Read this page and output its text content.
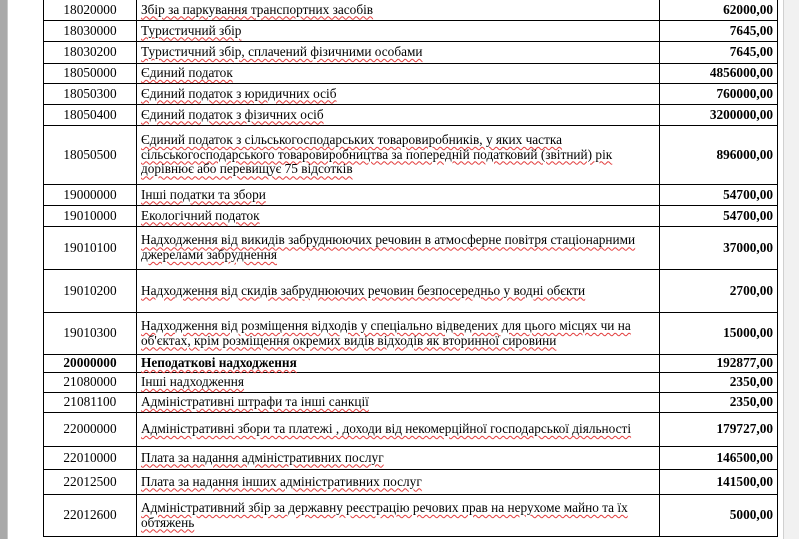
18020000	Збір за паркування транспортних засобів	62000,00
18030000	Туристичний збір	7645,00
18030200	Туристичний збір, сплачений фізичними особами	7645,00
18050000	Єдиний податок	4856000,00
18050300	Єдиний податок з юридичних осіб	760000,00
18050400	Єдиний податок з фізичних осіб	3200000,00
18050500	Єдиний податок з сільськогосподарських товаровиробників, у яких частка сільськогосподарського товаровиробництва за попередній податковий (звітний) рік дорівнює або перевищує 75 відсотків	896000,00
19000000	Інші податки та збори	54700,00
19010000	Екологічний податок	54700,00
19010100	Надходження від викидів забруднюючих речовин в атмосферне повітря стаціонарними джерелами забруднення	37000,00
19010200	Надходження від скидів забруднюючих речовин безпосередньо у водні обєкти	2700,00
19010300	Надходження від розміщення відходів у спеціально відведених для цього місцях чи на об'єктах, крім розміщення окремих видів відходів як вторинної сировини	15000,00
20000000	Неподаткові надходження	192877,00
21080000	Інші надходження	2350,00
21081100	Адміністративні штрафи та інші санкції	2350,00
22000000	Адміністративні збори та платежі , доходи від некомерційної господарської діяльності	179727,00
22010000	Плата за надання адміністративних послуг	146500,00
22012500	Плата за надання інших адміністративних послуг	141500,00
22012600	Адміністративний збір за державну реєстрацію речових прав на нерухоме майно та їх обтяжень	5000,00
